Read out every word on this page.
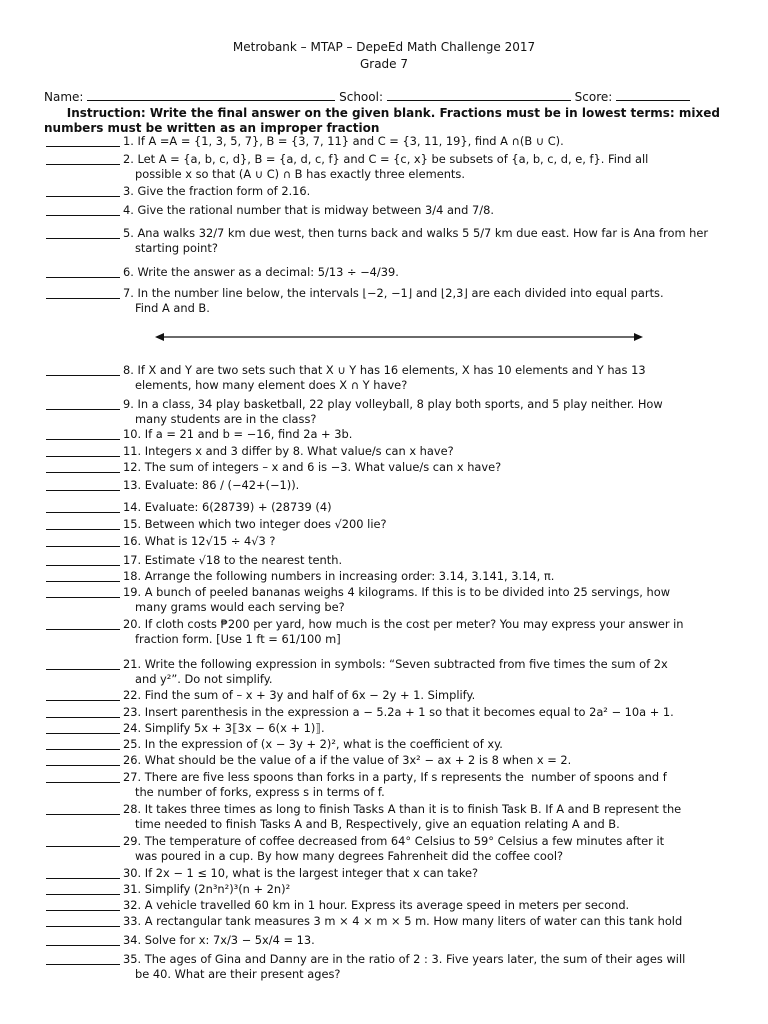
Metrobank – MTAP – DepeEd Math Challenge 2017
Grade 7
Name:	School:	Score:
Instruction: Write the final answer on the given blank. Fractions must be in lowest terms: mixed
numbers must be written as an improper fraction
1. If A =A = {1, 3, 5, 7}, B = {3, 7, 11} and C = {3, 11, 19}, find A ∩(B ∪ C).
2. Let A = {a, b, c, d}, B = {a, d, c, f} and C = {c, x} be subsets of {a, b, c, d, e, f}. Find all
possible x so that (A ∪ C) ∩ B has exactly three elements.
3. Give the fraction form of 2.16.
4. Give the rational number that is midway between 3/4 and 7/8.
5. Ana walks 32/7 km due west, then turns back and walks 5 5/7 km due east. How far is Ana from her
starting point?
6. Write the answer as a decimal: 5/13 ÷ −4/39.
7. In the number line below, the intervals ⌊−2, −1⌋ and ⌊2,3⌋ are each divided into equal parts.
Find A and B.
8. If X and Y are two sets such that X ∪ Y has 16 elements, X has 10 elements and Y has 13
elements, how many element does X ∩ Y have?
9. In a class, 34 play basketball, 22 play volleyball, 8 play both sports, and 5 play neither. How
many students are in the class?
10. If a = 21 and b = −16, find 2a + 3b.
11. Integers x and 3 differ by 8. What value/s can x have?
12. The sum of integers – x and 6 is −3. What value/s can x have?
13. Evaluate: 86 / (−42+(−1)).
14. Evaluate: 6(28739) + (28739 (4)
15. Between which two integer does √200 lie?
16. What is 12√15 ÷ 4√3 ?
17. Estimate √18 to the nearest tenth.
18. Arrange the following numbers in increasing order: 3.14, 3.141, 3.14, π.
19. A bunch of peeled bananas weighs 4 kilograms. If this is to be divided into 25 servings, how
many grams would each serving be?
20. If cloth costs ₱200 per yard, how much is the cost per meter? You may express your answer in
fraction form. [Use 1 ft = 61/100 m]
21. Write the following expression in symbols: “Seven subtracted from five times the sum of 2x
and y²”. Do not simplify.
22. Find the sum of – x + 3y and half of 6x − 2y + 1. Simplify.
23. Insert parenthesis in the expression a − 5.2a + 1 so that it becomes equal to 2a² − 10a + 1.
24. Simplify 5x + 3⟦3x − 6(x + 1)⟧.
25. In the expression of (x − 3y + 2)², what is the coefficient of xy.
26. What should be the value of a if the value of 3x² − ax + 2 is 8 when x = 2.
27. There are five less spoons than forks in a party, If s represents the  number of spoons and f
the number of forks, express s in terms of f.
28. It takes three times as long to finish Tasks A than it is to finish Task B. If A and B represent the
time needed to finish Tasks A and B, Respectively, give an equation relating A and B.
29. The temperature of coffee decreased from 64° Celsius to 59° Celsius a few minutes after it
was poured in a cup. By how many degrees Fahrenheit did the coffee cool?
30. If 2x − 1 ≤ 10, what is the largest integer that x can take?
31. Simplify (2n³n²)³(n + 2n)²
32. A vehicle travelled 60 km in 1 hour. Express its average speed in meters per second.
33. A rectangular tank measures 3 m × 4 × m × 5 m. How many liters of water can this tank hold
34. Solve for x: 7x/3 − 5x/4 = 13.
35. The ages of Gina and Danny are in the ratio of 2 : 3. Five years later, the sum of their ages will
be 40. What are their present ages?
